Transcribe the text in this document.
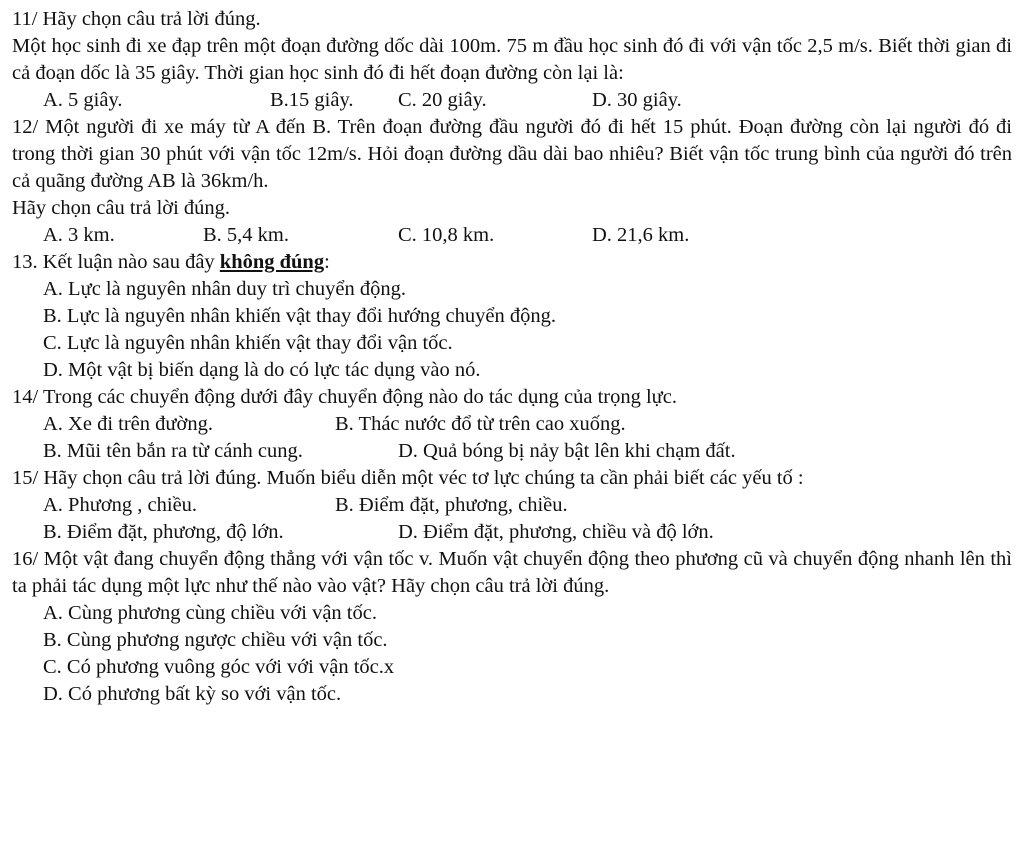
11/ Hãy chọn câu trả lời đúng.

Một học sinh đi xe đạp trên một đoạn đường dốc dài 100m. 75 m đầu học sinh đó đi với vận tốc 2,5 m/s. Biết thời gian đi cả đoạn dốc là 35 giây. Thời gian học sinh đó đi hết đoạn đường còn lại là:

A. 5 giây.	B.15 giây.	C. 20 giây.	D. 30 giây.

12/ Một người đi xe máy từ A đến B. Trên đoạn đường đầu người đó đi hết 15 phút. Đoạn đường còn lại người đó đi trong thời gian 30 phút với vận tốc 12m/s. Hỏi đoạn đường dầu dài bao nhiêu? Biết vận tốc trung bình của người đó trên cả quãng đường AB là 36km/h.

Hãy chọn câu trả lời đúng.

A. 3 km.	B. 5,4 km.	C. 10,8 km.	D. 21,6 km.

13. Kết luận nào sau đây không đúng:

A. Lực là nguyên nhân duy trì chuyển động.

B. Lực là nguyên nhân khiến vật thay đổi hướng chuyển động.

C. Lực là nguyên nhân khiến vật thay đổi vận tốc.

D. Một vật bị biến dạng là do có lực tác dụng vào nó.

14/ Trong các chuyển động dưới đây chuyển động nào do tác dụng của trọng lực.

A. Xe đi trên đường.	B. Thác nước đổ từ trên cao xuống.
B. Mũi tên bắn ra từ cánh cung.	D. Quả bóng bị nảy bật lên khi chạm đất.

15/ Hãy chọn câu trả lời đúng. Muốn biểu diễn một véc tơ lực chúng ta cần phải biết các yếu tố :

A. Phương , chiều.	B. Điểm đặt, phương, chiều.
B. Điểm đặt, phương, độ lớn.	D. Điểm đặt, phương, chiều và độ lớn.

16/ Một vật đang chuyển động thẳng với vận tốc v. Muốn vật chuyển động theo phương cũ và chuyển động nhanh lên thì ta phải tác dụng một lực như thế nào vào vật? Hãy chọn câu trả lời đúng.

A. Cùng phương cùng chiều với vận tốc.

B. Cùng phương ngược chiều với vận tốc.

C. Có phương vuông góc với với vận tốc.x

D. Có phương bất kỳ so với vận tốc.
